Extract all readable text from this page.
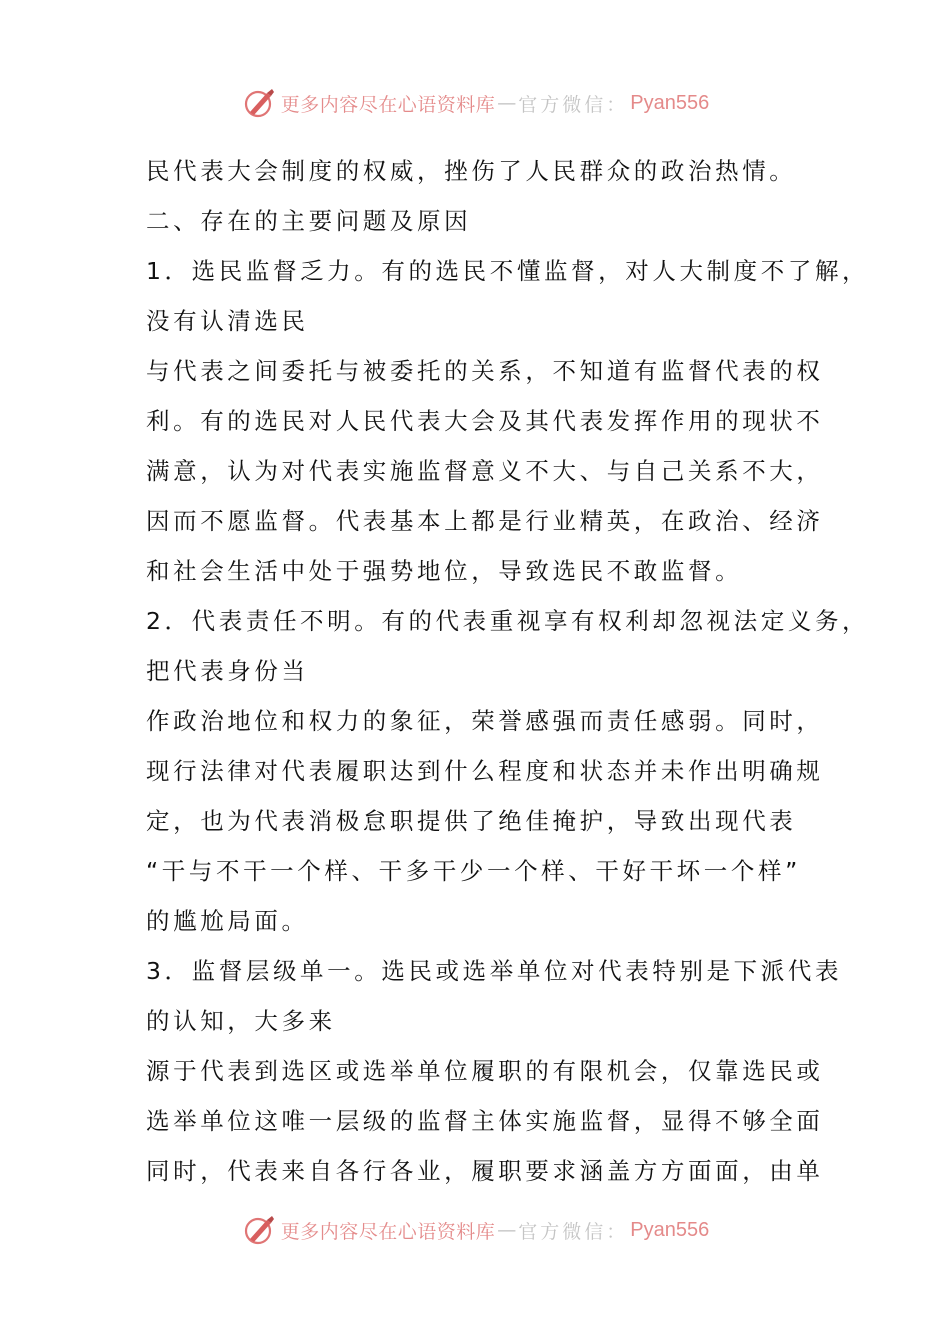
更多内容尽在心语资料库 — 官方微信： Pyan556
民代表大会制度的权威，挫伤了人民群众的政治热情。
二、存在的主要问题及原因
1．选民监督乏力。有的选民不懂监督，对人大制度不了解，
没有认清选民
与代表之间委托与被委托的关系，不知道有监督代表的权
利。有的选民对人民代表大会及其代表发挥作用的现状不
满意，认为对代表实施监督意义不大、与自己关系不大，
因而不愿监督。代表基本上都是行业精英，在政治、经济
和社会生活中处于强势地位，导致选民不敢监督。
2．代表责任不明。有的代表重视享有权利却忽视法定义务，
把代表身份当
作政治地位和权力的象征，荣誉感强而责任感弱。同时，
现行法律对代表履职达到什么程度和状态并未作出明确规
定，也为代表消极怠职提供了绝佳掩护，导致出现代表
“干与不干一个样、干多干少一个样、干好干坏一个样”
的尴尬局面。
3．监督层级单一。选民或选举单位对代表特别是下派代表
的认知，大多来
源于代表到选区或选举单位履职的有限机会，仅靠选民或
选举单位这唯一层级的监督主体实施监督，显得不够全面
同时，代表来自各行各业，履职要求涵盖方方面面，由单
更多内容尽在心语资料库 — 官方微信： Pyan556
